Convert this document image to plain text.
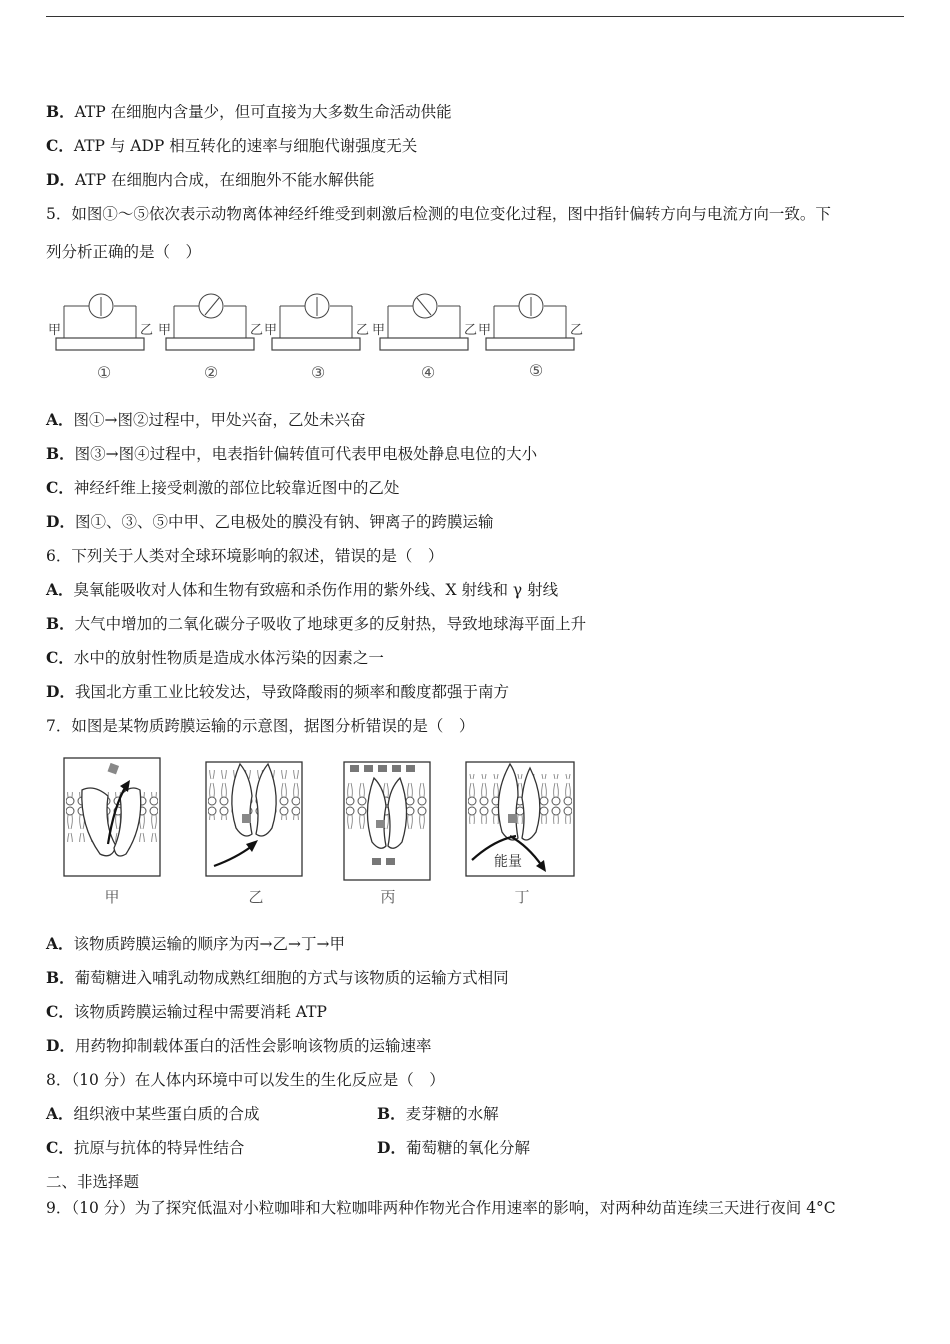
B．ATP 在细胞内含量少，但可直接为大多数生命活动供能
C．ATP 与 ADP 相互转化的速率与细胞代谢强度无关
D．ATP 在细胞内合成，在细胞外不能水解供能
5．如图①～⑤依次表示动物离体神经纤维受到刺激后检测的电位变化过程，图中指针偏转方向与电流方向一致。下
列分析正确的是（　）
甲	乙 甲	乙 甲	乙 甲	乙 甲	乙
①	②	③	④	⑤
A．图①→图②过程中，甲处兴奋，乙处未兴奋
B．图③→图④过程中，电表指针偏转值可代表甲电极处静息电位的大小
C．神经纤维上接受刺激的部位比较靠近图中的乙处
D．图①、③、⑤中甲、乙电极处的膜没有钠、钾离子的跨膜运输
6．下列关于人类对全球环境影响的叙述，错误的是（　）
A．臭氧能吸收对人体和生物有致癌和杀伤作用的紫外线、X 射线和 γ 射线
B．大气中增加的二氧化碳分子吸收了地球更多的反射热，导致地球海平面上升
C．水中的放射性物质是造成水体污染的因素之一
D．我国北方重工业比较发达，导致降酸雨的频率和酸度都强于南方
7．如图是某物质跨膜运输的示意图，据图分析错误的是（　）
能量
甲	乙	丙	丁
A．该物质跨膜运输的顺序为丙→乙→丁→甲
B．葡萄糖进入哺乳动物成熟红细胞的方式与该物质的运输方式相同
C．该物质跨膜运输过程中需要消耗 ATP
D．用药物抑制载体蛋白的活性会影响该物质的运输速率
8．（10 分）在人体内环境中可以发生的生化反应是（　）
A．组织液中某些蛋白质的合成	B．麦芽糖的水解
C．抗原与抗体的特异性结合	D．葡萄糖的氧化分解
二、非选择题
9．（10 分）为了探究低温对小粒咖啡和大粒咖啡两种作物光合作用速率的影响，对两种幼苗连续三天进行夜间 4°C
